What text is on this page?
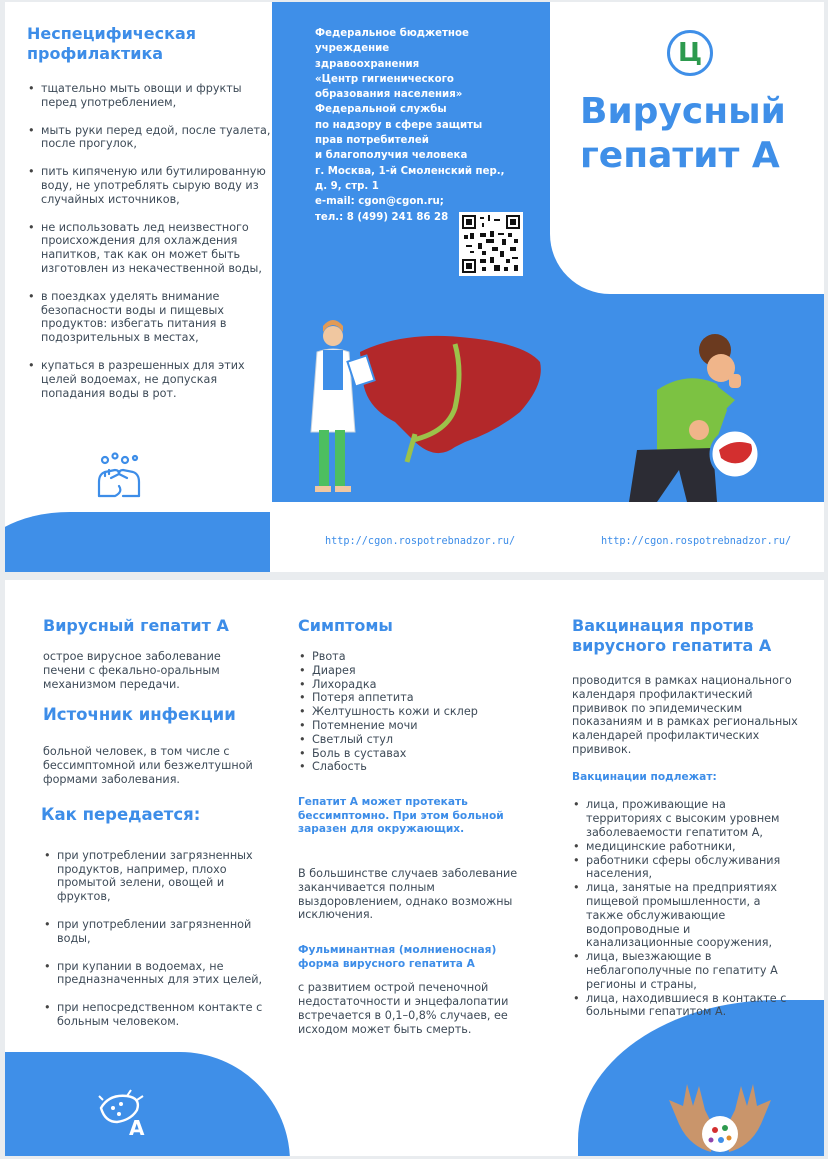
Неспецифическая профилактика
• тщательно мыть овощи и фрукты перед употреблением,
• мыть руки перед едой, после туалета, после прогулок,
• пить кипяченую или бутилированную воду, не употреблять сырую воду из случайных источников,
• не использовать лед неизвестного происхождения для охлаждения напитков, так как он может быть изготовлен из некачественной воды,
• в поездках уделять внимание безопасности воды и пищевых продуктов: избегать питания в подозрительных в местах,
• купаться в разрешенных для этих целей водоемах, не допуская попадания воды в рот.
Федеральное бюджетное
учреждение
здравоохранения
«Центр гигиенического
образования населения»
Федеральной службы
по надзору в сфере защиты
прав потребителей
и благополучия человека
г. Москва, 1-й Смоленский пер.,
д. 9, стр. 1
e-mail: cgon@cgon.ru;
тел.: 8 (499) 241 86 28
Ц
Вирусный
гепатит А
http://cgon.rospotrebnadzor.ru/	http://cgon.rospotrebnadzor.ru/
Вирусный гепатит А

острое вирусное заболевание печени с фекально-оральным механизмом передачи.

Источник инфекции

больной человек, в том числе с бессимптомной или безжелтушной формами заболевания.

Как передается:
• при употреблении загрязненных продуктов, например, плохо промытой зелени, овощей и фруктов,
• при употреблении загрязненной воды,
• при купании в водоемах, не предназначенных для этих целей,
• при непосредственном контакте с больным человеком.
Симптомы
• Рвота
• Диарея
• Лихорадка
• Потеря аппетита
• Желтушность кожи и склер
• Потемнение мочи
• Светлый стул
• Боль в суставах
• Слабость

Гепатит А может протекать бессимптомно. При этом больной заразен для окружающих.

В большинстве случаев заболевание заканчивается полным выздоровлением, однако возможны исключения.

Фульминантная (молниеносная) форма вирусного гепатита А

с развитием острой печеночной недостаточности и энцефалопатии встречается в 0,1–0,8% случаев, ее исходом может быть смерть.

Вакцинация против вирусного гепатита А

проводится в рамках национального календаря профилактический прививок по эпидемическим показаниям и в рамках региональных календарей профилактических прививок.

Вакцинации подлежат:

• лица, проживающие на территориях с высоким уровнем заболеваемости гепатитом А,
• медицинские работники,
• работники сферы обслуживания населения,
• лица, занятые на предприятиях пищевой промышленности, а также обслуживающие водопроводные и канализационные сооружения,
• лица, выезжающие в неблагополучные по гепатиту А регионы и страны,
• лица, находившиеся в контакте с больными гепатитом А.
A
